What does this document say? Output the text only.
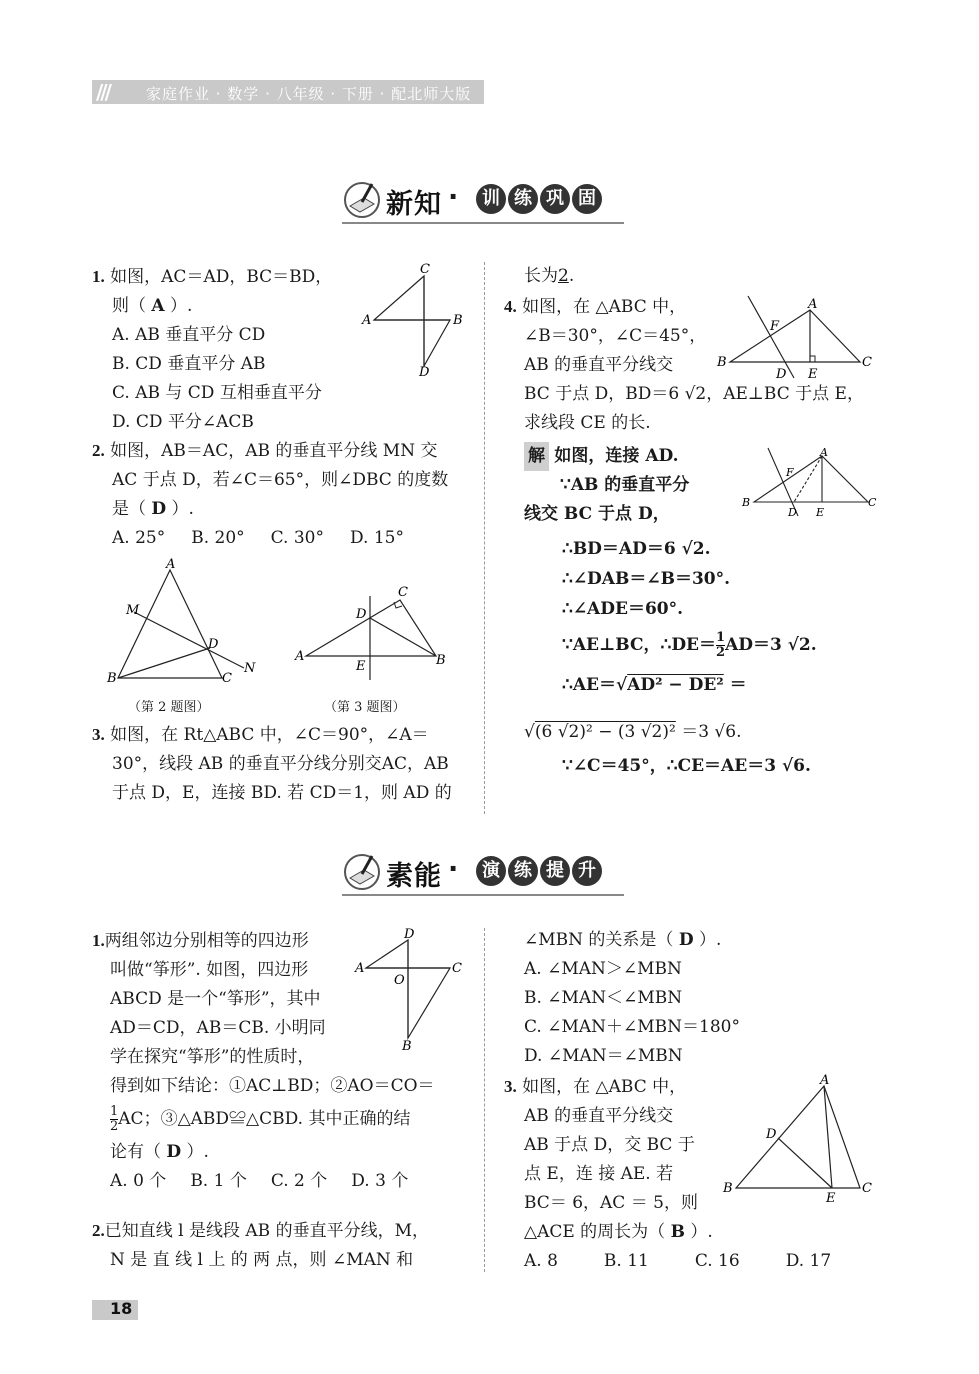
/// 家庭作业 · 数学 · 八年级 · 下册 · 配北师大版
新知 ·	训 练 巩 固
1. 如图，AC＝AD，BC＝BD，
则（ A ）.
A. AB 垂直平分 CD
B. CD 垂直平分 AB
C. AB 与 CD 互相垂直平分
D. CD 平分∠ACB
C
A	B
D
2. 如图，AB＝AC，AB 的垂直平分线 MN 交
AC 于点 D，若∠C＝65°，则∠DBC 的度数
是（ D ）.
A. 25° B. 20° C. 30° D. 15°
A
M
D
B	C
N
（第 2 题图）
C
D
A	B
E
（第 3 题图）
3. 如图，在 Rt△ABC 中，∠C＝90°，∠A＝
30°，线段 AB 的垂直平分线分别交AC，AB
于点 D，E，连接 BD. 若 CD＝1，则 AD 的
长为2.
4. 如图，在 △ABC 中，
∠B＝30°，∠C＝45°，
AB 的垂直平分线交
BC 于点 D，BD＝6 √2，AE⊥BC 于点 E，
求线段 CE 的长.
A
F
B
D E
C
解 如图，连接 AD.
∵AB 的垂直平分
线交 BC 于点 D，
A
F
B
D E
C
∴BD＝AD＝6 √2.
∴∠DAB＝∠B＝30°.
∴∠ADE＝60°.
∵AE⊥BC，∴DE＝ $\frac{1}{2} AD=3$ √2.
∴AE＝√AD² − DE² ＝
√(6 √2)² − (3 √2)² ＝3 √6.
∵∠C＝45°，∴CE＝AE＝3 √6.
素能 ·	演 练 提 升
1.两组邻边分别相等的四边形
叫做“筝形”. 如图，四边形
ABCD 是一个“筝形”，其中
AD＝CD，AB＝CB. 小明同
学在探究“筝形”的性质时，
得到如下结论：①AC⊥BD；②AO＝CO＝
$\frac{1}{2}$ AC；③△ABD≌△CBD. 其中正确的结
论有（ D ）.
A. 0 个 B. 1 个 C. 2 个 D. 3 个
D
A	C
O
B
2.已知直线 l 是线段 AB 的垂直平分线，M，
N 是 直 线 l 上 的 两 点，则 ∠MAN 和
∠MBN 的关系是（ D ）.
A. ∠MAN＞∠MBN
B. ∠MAN＜∠MBN
C. ∠MAN＋∠MBN＝180°
D. ∠MAN＝∠MBN
3. 如图，在 △ABC 中，
AB 的垂直平分线交
AB 于点 D，交 BC 于
点 E，连 接 AE. 若
BC＝ 6，AC ＝ 5，则
△ACE 的周长为（ B ）.
A. 8	B. 11	C. 16	D. 17
A
D
B
E
C
18
